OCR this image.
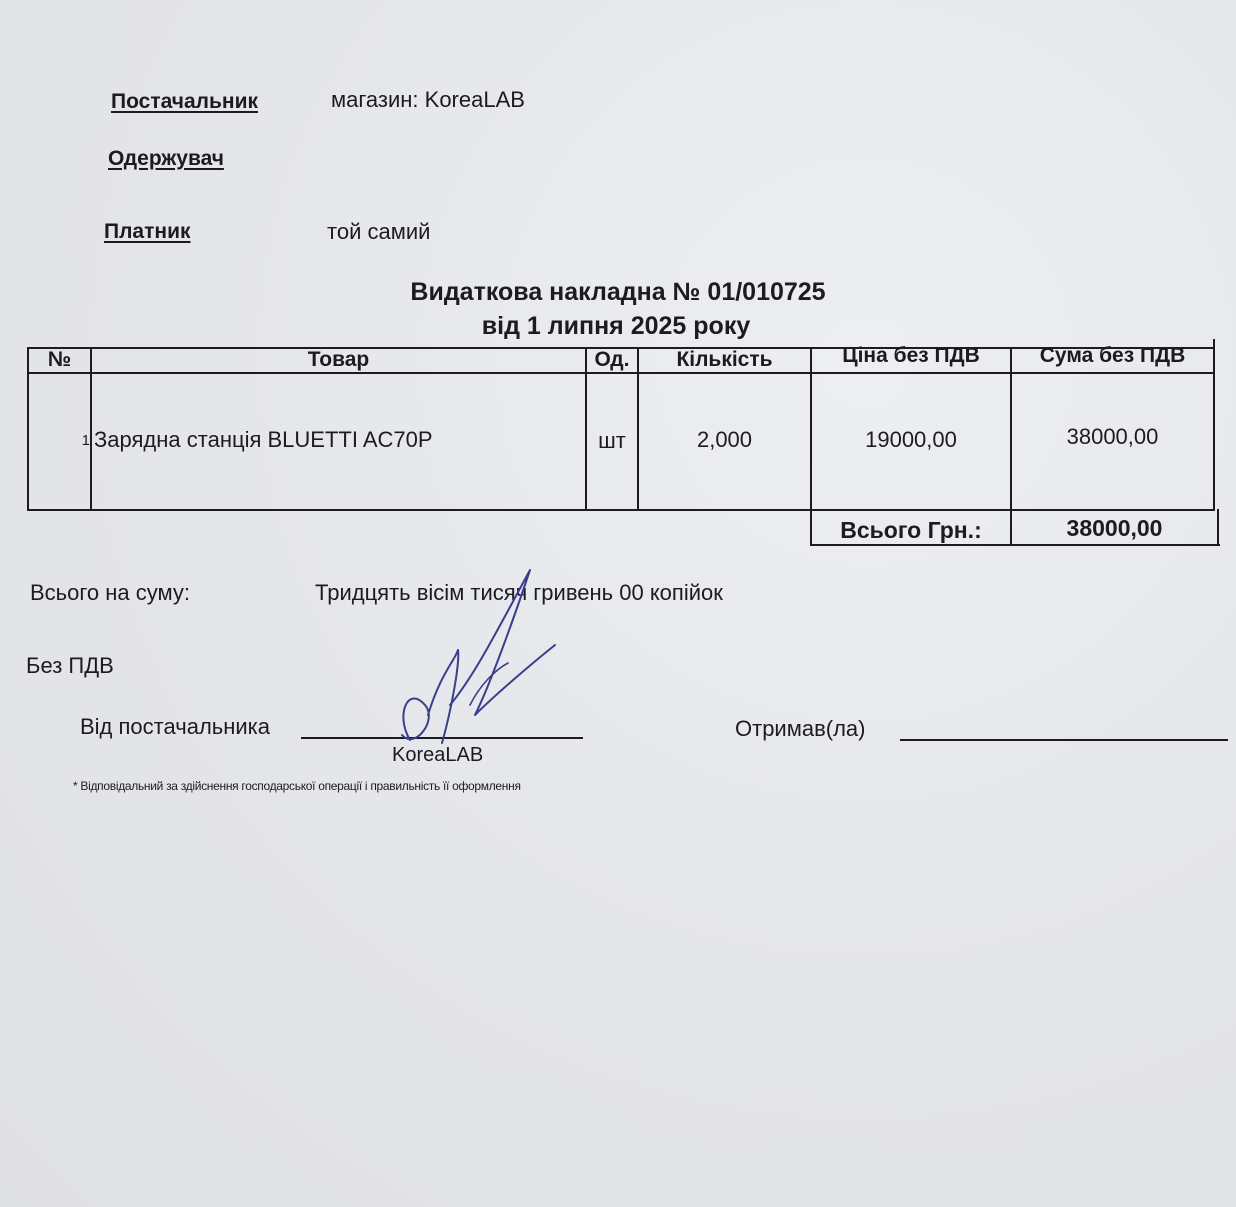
Постачальник	магазин: KoreaLAB
Одержувач
Платник	той самий
Видаткова накладна № 01/010725
від 1 липня 2025 року
№	Товар	Од.	Кількість	Ціна без ПДВ	Сума без ПДВ
1 Зарядна станція BLUETTI AC70P	шт	2,000	19000,00	38000,00
Всього Грн.:	38000,00
Всього на суму:	Тридцять вісім тисяч гривень 00 копійок
Без ПДВ
Від постачальника
KoreaLAB
Отримав(ла)
* Відповідальний за здійснення господарської операції і правильність її оформлення
